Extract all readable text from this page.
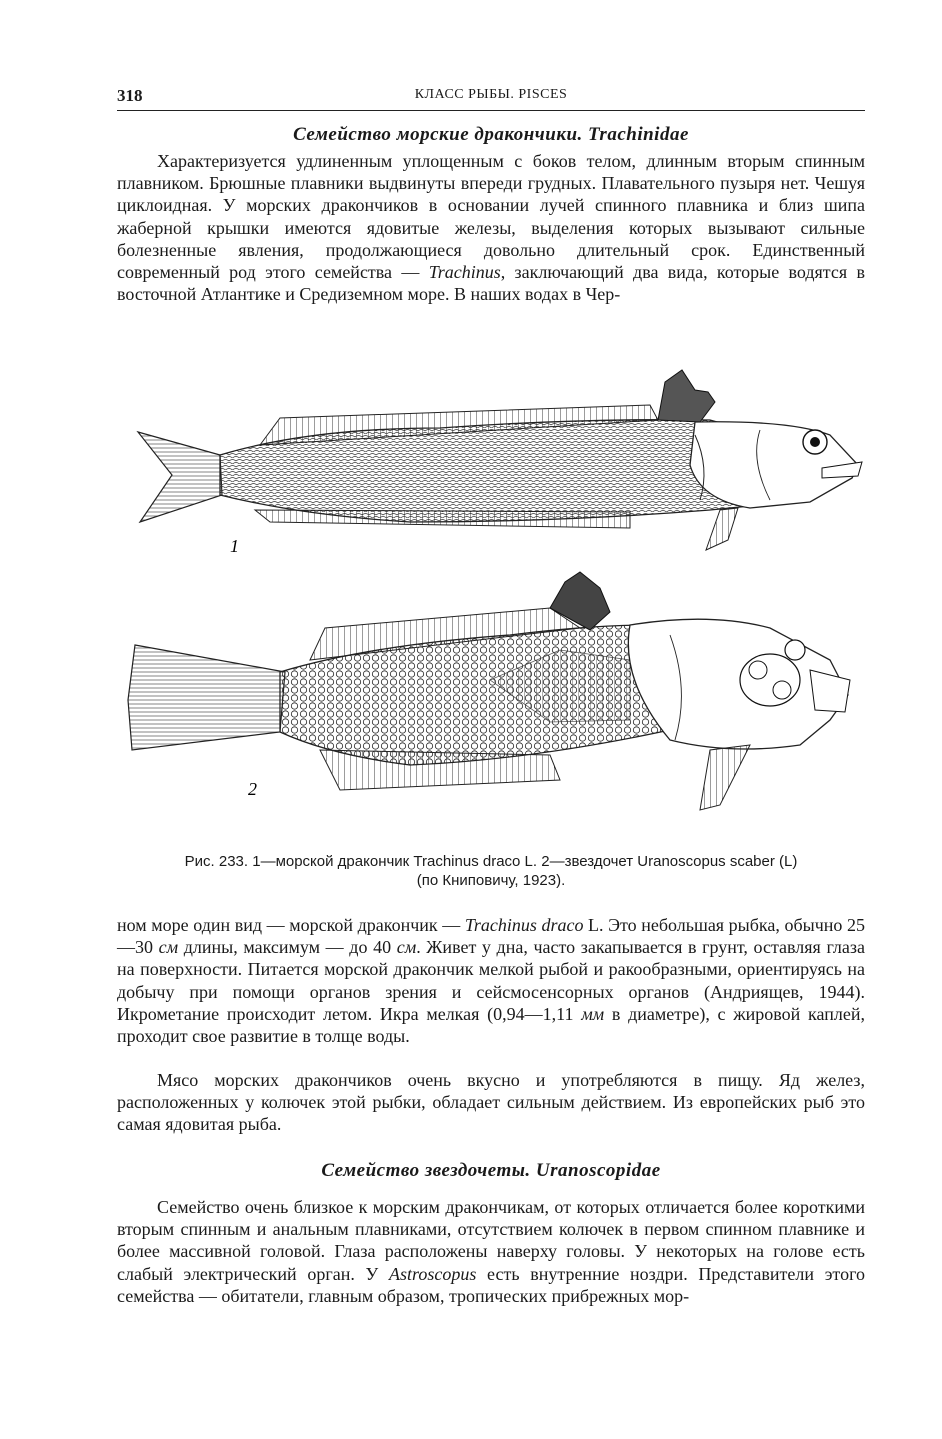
318	КЛАСС РЫБЫ. PISCES
Семейство морские дракончики. Trachinidae

Характеризуется удлиненным уплощенным с боков телом, длинным вторым спинным плавником. Брюшные плавники выдвинуты впереди грудных. Плавательного пузыря нет. Чешуя циклоидная. У морских дракончиков в основании лучей спинного плавника и близ шипа жаберной крышки имеются ядовитые железы, выделения которых вызывают сильные болезненные явления, продолжающиеся довольно длительный срок. Единственный современный род этого семейства — Trachinus, заключающий два вида, которые водятся в восточной Атлантике и Средиземном море. В наших водах в Чер-

1
2
Рис. 233. 1—морской дракончик Trachinus draco L. 2—звездочет Uranoscopus scaber (L)
(по Книповичу, 1923).

ном море один вид — морской дракончик — Trachinus draco L. Это небольшая рыбка, обычно 25—30 см длины, максимум — до 40 см. Живет у дна, часто закапывается в грунт, оставляя глаза на поверхности. Питается морской дракончик мелкой рыбой и ракообразными, ориентируясь на добычу при помощи органов зрения и сейсмосенсорных органов (Андриящев, 1944). Икрометание происходит летом. Икра мелкая (0,94—1,11 мм в диаметре), с жировой каплей, проходит свое развитие в толще воды.

Мясо морских дракончиков очень вкусно и употребляются в пищу. Яд желез, расположенных у колючек этой рыбки, обладает сильным действием. Из европейских рыб это самая ядовитая рыба.

Семейство звездочеты. Uranoscopidae

Семейство очень близкое к морским дракончикам, от которых отличается более короткими вторым спинным и анальным плавниками, отсутствием колючек в первом спинном плавнике и более массивной головой. Глаза расположены наверху головы. У некоторых на голове есть слабый электрический орган. У Astroscopus есть внутренние ноздри. Представители этого семейства — обитатели, главным образом, тропических прибрежных мор-
